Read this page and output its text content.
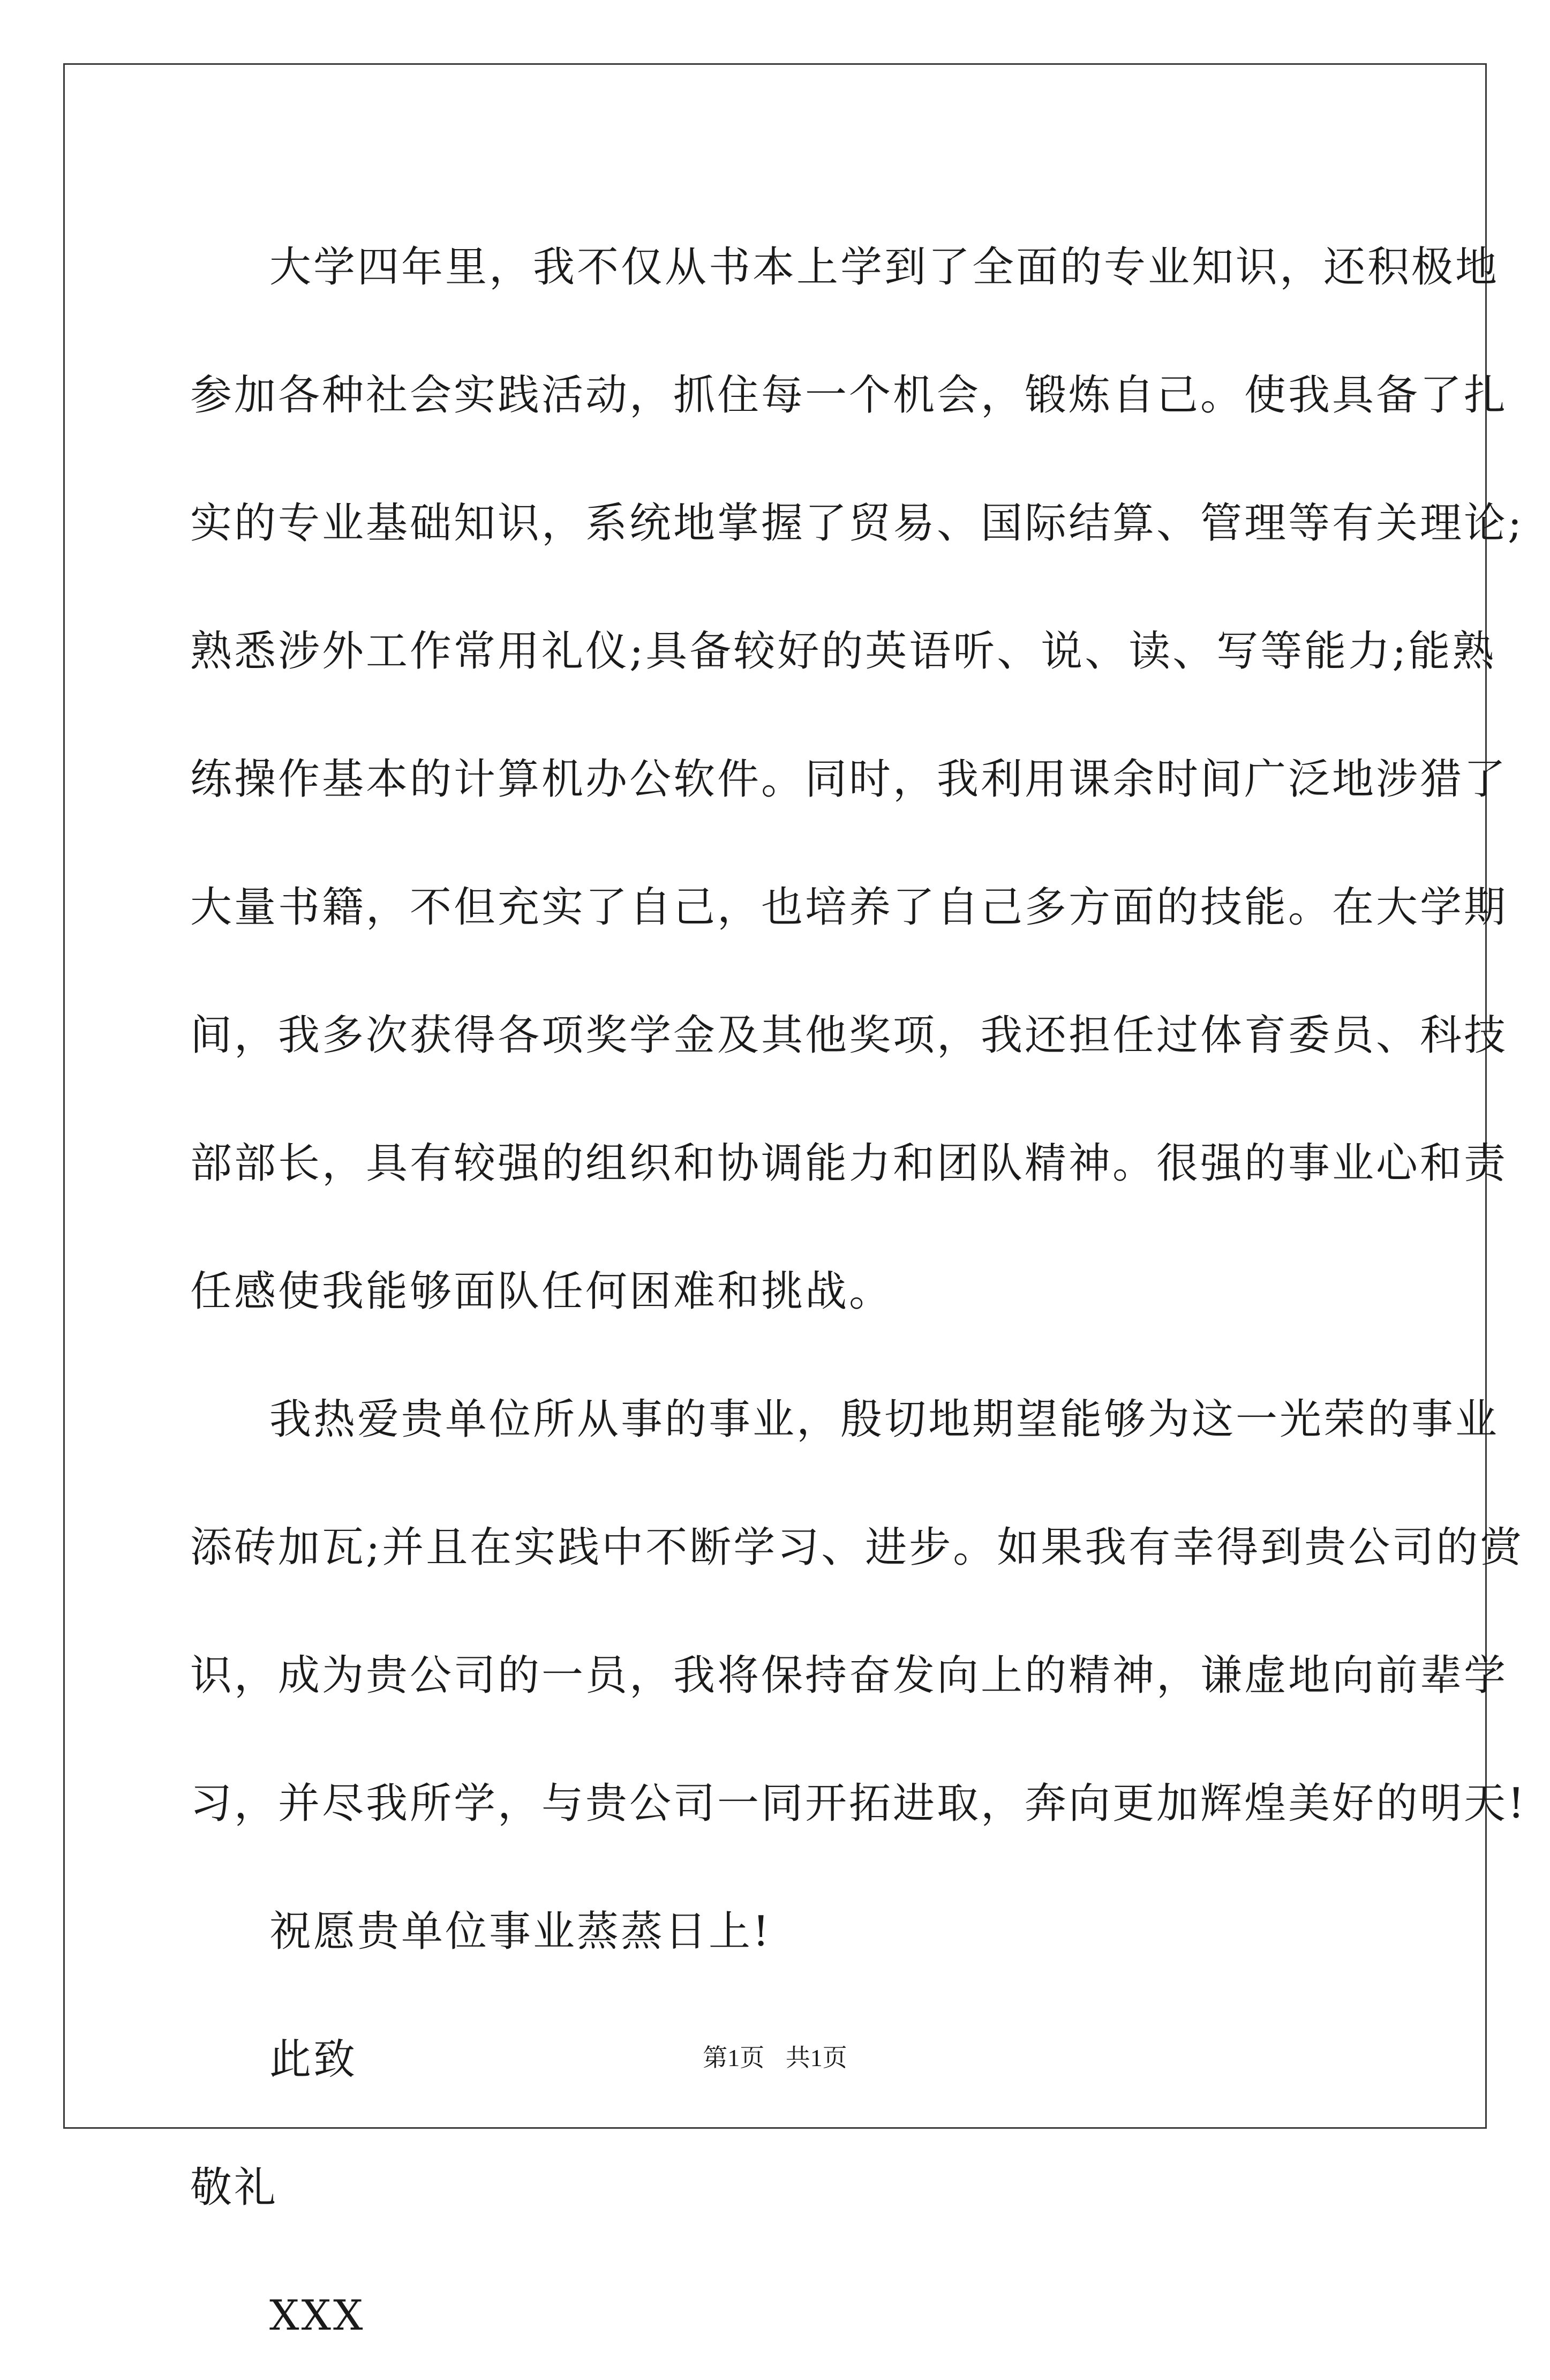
大学四年里，我不仅从书本上学到了全面的专业知识，还积极地
参加各种社会实践活动，抓住每一个机会，锻炼自己。使我具备了扎
实的专业基础知识，系统地掌握了贸易、国际结算、管理等有关理论;
熟悉涉外工作常用礼仪;具备较好的英语听、说、读、写等能力;能熟
练操作基本的计算机办公软件。同时，我利用课余时间广泛地涉猎了
大量书籍，不但充实了自己，也培养了自己多方面的技能。在大学期
间，我多次获得各项奖学金及其他奖项，我还担任过体育委员、科技
部部长，具有较强的组织和协调能力和团队精神。很强的事业心和责
任感使我能够面队任何困难和挑战。
我热爱贵单位所从事的事业，殷切地期望能够为这一光荣的事业
添砖加瓦;并且在实践中不断学习、进步。如果我有幸得到贵公司的赏
识，成为贵公司的一员，我将保持奋发向上的精神，谦虚地向前辈学
习，并尽我所学，与贵公司一同开拓进取，奔向更加辉煌美好的明天!
祝愿贵单位事业蒸蒸日上!
此致
敬礼
XXX
第1页 共1页
